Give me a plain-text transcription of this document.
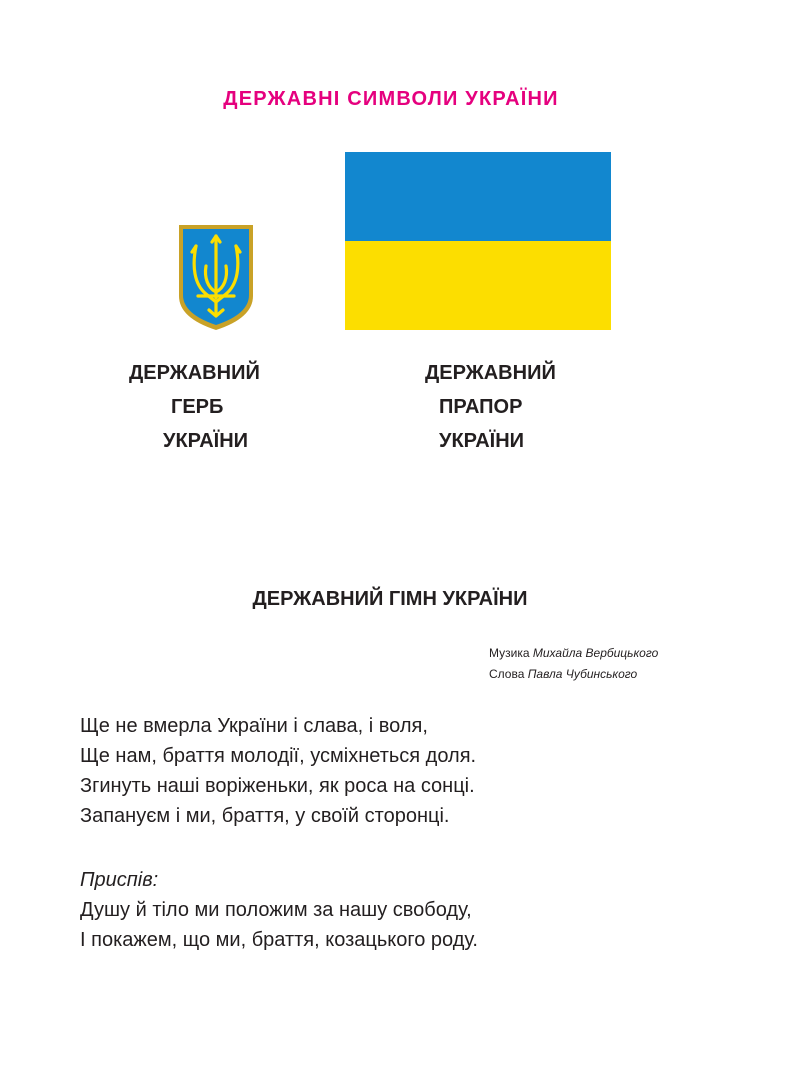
ДЕРЖАВНІ СИМВОЛИ УКРАЇНИ
ДЕРЖАВНИЙ
ГЕРБ
УКРАЇНИ
ДЕРЖАВНИЙ
ПРАПОР
УКРАЇНИ
ДЕРЖАВНИЙ ГІМН УКРАЇНИ
Музика Михайла Вербицького
Слова Павла Чубинського
Ще не вмерла України і слава, і воля,
Ще нам, браття молодії, усміхнеться доля.
Згинуть наші воріженьки, як роса на сонці.
Запануєм і ми, браття, у своїй сторонці.
Приспів:
Душу й тіло ми положим за нашу свободу,
І покажем, що ми, браття, козацького роду.
